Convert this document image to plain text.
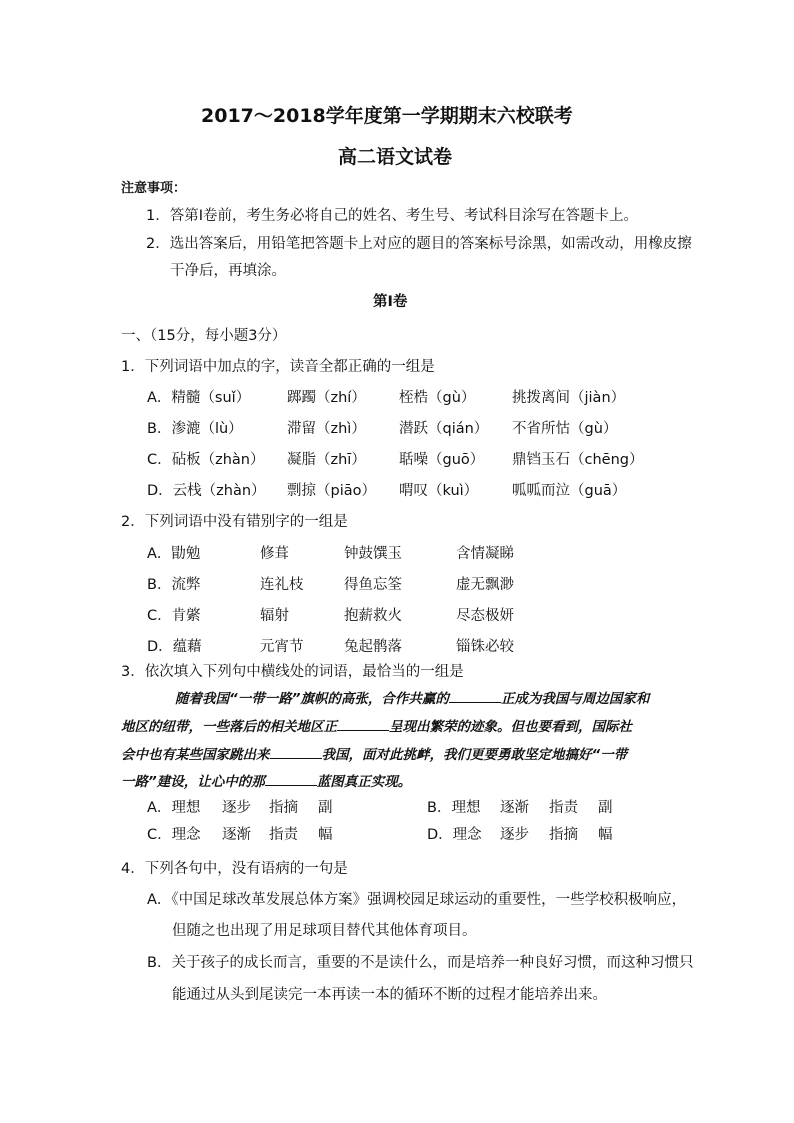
2017～2018学年度第一学期期末六校联考
高二语文试卷
注意事项：
1．答第Ⅰ卷前，考生务必将自己的姓名、考生号、考试科目涂写在答题卡上。
2．选出答案后，用铅笔把答题卡上对应的题目的答案标号涂黑，如需改动，用橡皮擦
干净后，再填涂。
第Ⅰ卷
一、（15分，每小题3分）
1．下列词语中加点的字，读音全都正确的一组是
A．精髓（suǐ）	踯躅（zhí） 桎梏（gù）	挑拨离间（jiàn）
B．渗漉（lù）	滞留（zhì） 潜跃（qián） 不省所怙（gù）
C．砧板（zhàn） 凝脂（zhī） 聒噪（guō） 鼎铛玉石（chēng）
D．云栈（zhàn） 剽掠（piāo） 喟叹（kuì） 呱呱而泣（guā）
2．下列词语中没有错别字的一组是
A．勖勉	修葺	钟鼓馔玉	含情凝睇
B．流弊	连礼枝	得鱼忘筌	虚无飘渺
C．肯綮	辐射	抱薪救火	尽态极妍
D．蕴藉	元宵节	兔起鹘落	锱铢必较
3．依次填入下列句中横线处的词语，最恰当的一组是
随着我国“一带一路”旗帜的高张，合作共赢的	正成为我国与周边国家和
地区的纽带，一些落后的相关地区正	呈现出繁荣的迹象。但也要看到，国际社
会中也有某些国家跳出来	我国，面对此挑衅，我们更要勇敢坚定地搞好“一带
一路”建设，让心中的那	蓝图真正实现。
A．理想 逐步 指摘 副	B．理想 逐渐 指责 副
C．理念 逐渐 指责 幅	D．理念 逐步 指摘 幅
4．下列各句中，没有语病的一句是
A．《中国足球改革发展总体方案》强调校园足球运动的重要性，一些学校积极响应，
但随之也出现了用足球项目替代其他体育项目。
B．关于孩子的成长而言，重要的不是读什么，而是培养一种良好习惯，而这种习惯只
能通过从头到尾读完一本再读一本的循环不断的过程才能培养出来。
